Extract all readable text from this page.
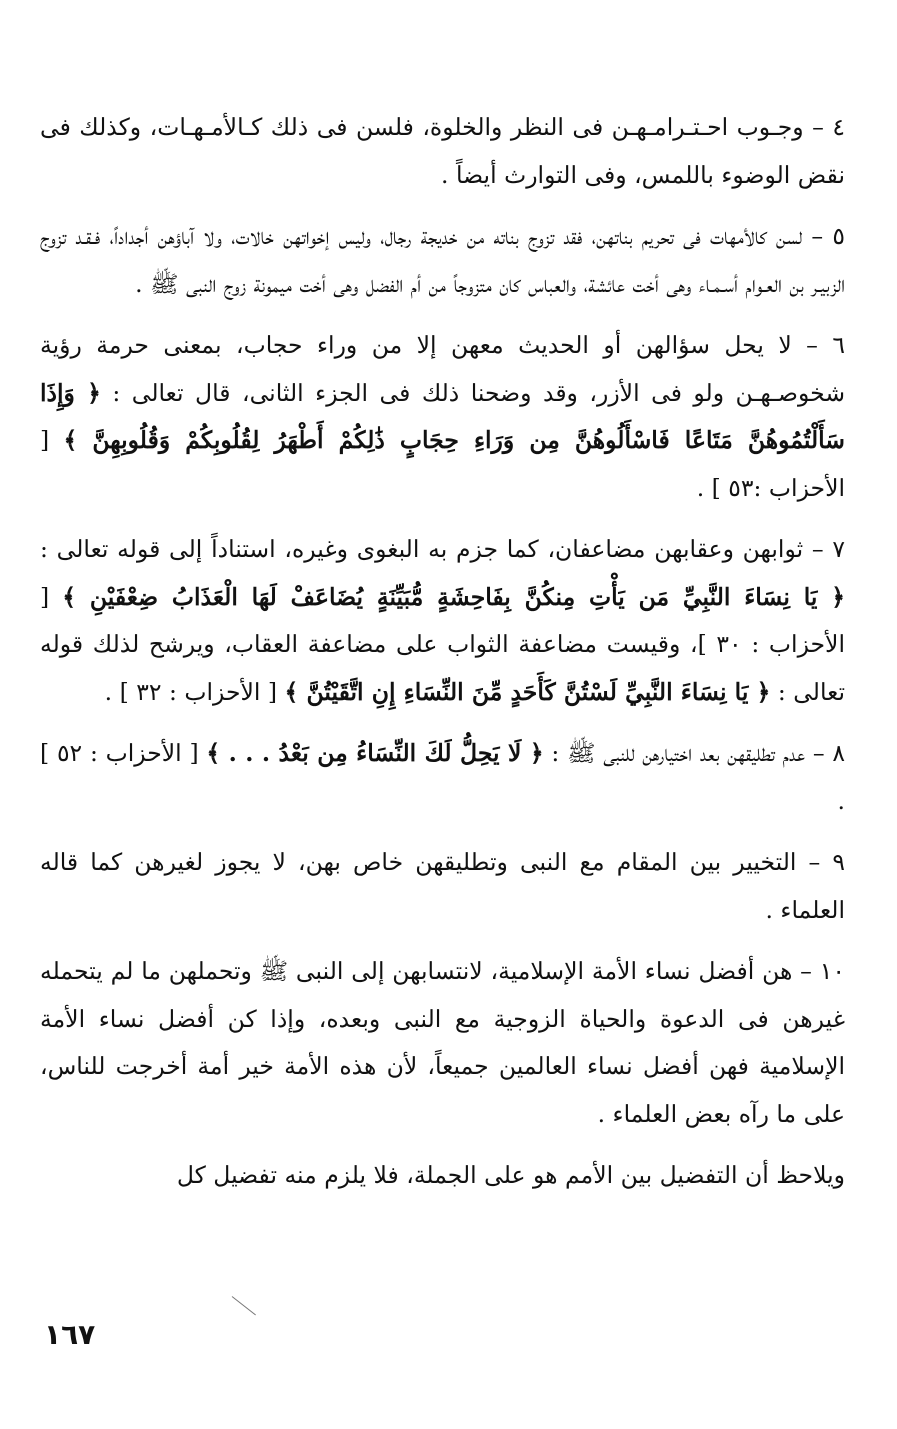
٤ – وجـوب احـتـرامـهـن فى النظر والخلوة، فلسن فى ذلك كـالأمـهـات، وكذلك فى نقض الوضوء باللمس، وفى التوارث أيضاً .

٥ – لسن كالأمهات فى تحريم بناتهن، فقد تزوج بناته من خديجة رجال، وليس إخواتهن خالات، ولا آباؤهن أجداداً، فـقـد تزوج الزبيـر بن العـوام أسـمـاء وهى أخت عائشة، والعباس كان متزوجاً من أم الفضل وهى أخت ميمونة زوج النبى ﷺ .

٦ – لا يحل سؤالهن أو الحديث معهن إلا من وراء حجاب، بمعنى حرمة رؤية شخوصـهـن ولو فى الأزر، وقد وضحنا ذلك فى الجزء الثانى، قال تعالى : ﴿ وَإِذَا سَأَلْتُمُوهُنَّ مَتَاعًا فَاسْأَلُوهُنَّ مِن وَرَاءِ حِجَابٍ ذَٰلِكُمْ أَطْهَرُ لِقُلُوبِكُمْ وَقُلُوبِهِنَّ ﴾ [ الأحزاب :٥٣ ] .

٧ – ثوابهن وعقابهن مضاعفان، كما جزم به البغوى وغيره، استناداً إلى قوله تعالى : ﴿ يَا نِسَاءَ النَّبِيِّ مَن يَأْتِ مِنكُنَّ بِفَاحِشَةٍ مُّبَيِّنَةٍ يُضَاعَفْ لَهَا الْعَذَابُ ضِعْفَيْنِ ﴾ [ الأحزاب : ٣٠ ]، وقيست مضاعفة الثواب على مضاعفة العقاب، ويرشح لذلك قوله تعالى : ﴿ يَا نِسَاءَ النَّبِيِّ لَسْتُنَّ كَأَحَدٍ مِّنَ النِّسَاءِ إِنِ اتَّقَيْتُنَّ ﴾ [ الأحزاب : ٣٢ ] .

٨ – عدم تطليقهن بعد اختيارهن للنبى ﷺ : ﴿ لَا يَحِلُّ لَكَ النِّسَاءُ مِن بَعْدُ . . . ﴾ [ الأحزاب : ٥٢ ] .

٩ – التخيير بين المقام مع النبى وتطليقهن خاص بهن، لا يجوز لغيرهن كما قاله العلماء .

١٠ – هن أفضل نساء الأمة الإسلامية، لانتسابهن إلى النبى ﷺ وتحملهن ما لم يتحمله غيرهن فى الدعوة والحياة الزوجية مع النبى وبعده، وإذا كن أفضل نساء الأمة الإسلامية فهن أفضل نساء العالمين جميعاً، لأن هذه الأمة خير أمة أخرجت للناس، على ما رآه بعض العلماء .

ويلاحظ أن التفضيل بين الأمم هو على الجملة، فلا يلزم منه تفضيل كل

١٦٧
